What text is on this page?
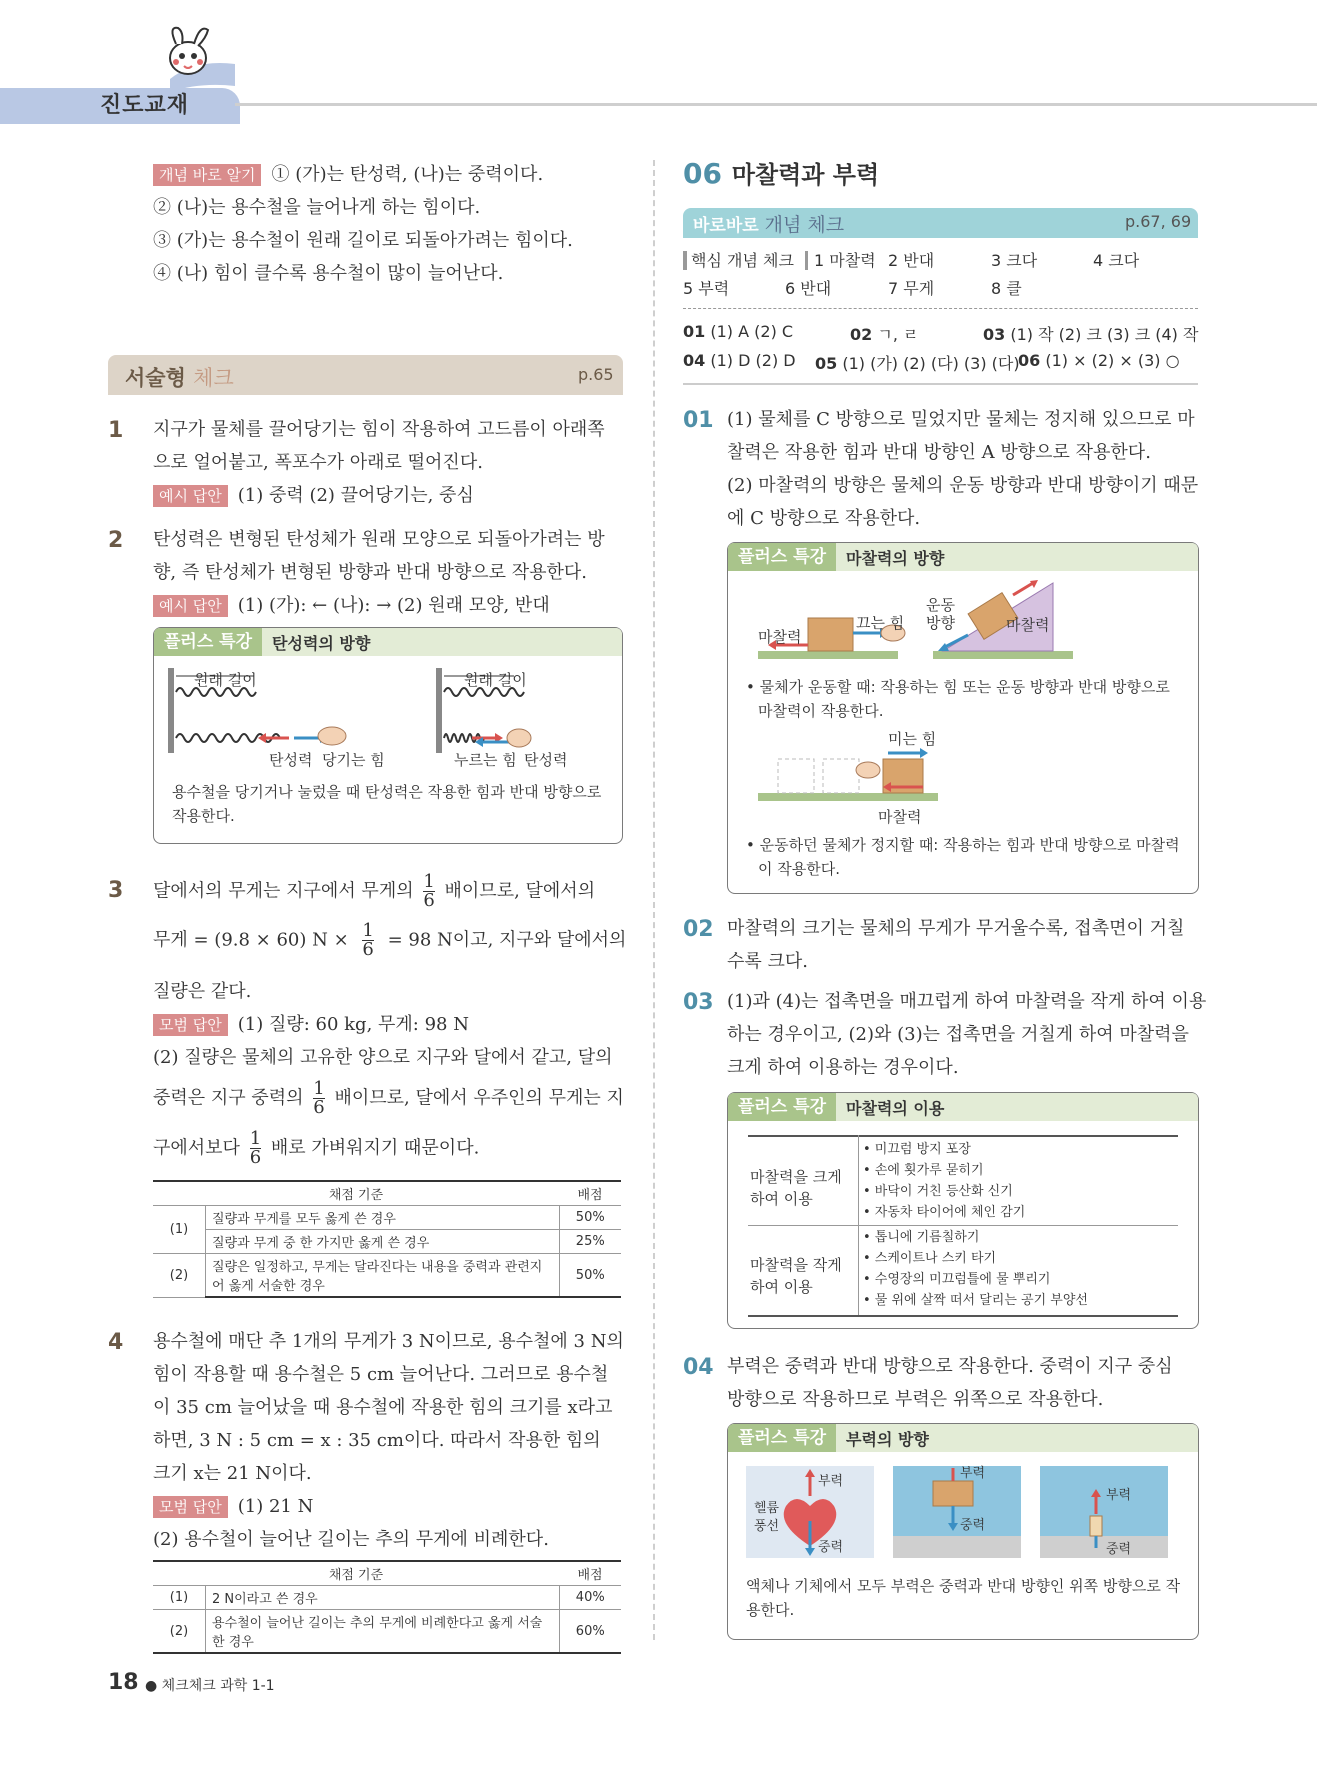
진도교재
개념 바로 알기 ① (가)는 탄성력, (나)는 중력이다.
② (나)는 용수철을 늘어나게 하는 힘이다.
③ (가)는 용수철이 원래 길이로 되돌아가려는 힘이다.
④ (나) 힘이 클수록 용수철이 많이 늘어난다.
서술형 체크	p.65
1 지구가 물체를 끌어당기는 힘이 작용하여 고드름이 아래쪽
으로 얼어붙고, 폭포수가 아래로 떨어진다.
예시 답안 (1) 중력 (2) 끌어당기는, 중심
2 탄성력은 변형된 탄성체가 원래 모양으로 되돌아가려는 방
향, 즉 탄성체가 변형된 방향과 반대 방향으로 작용한다.
예시 답안 (1) (가): ← (나): → (2) 원래 모양, 반대
플러스 특강	탄성력의 방향
원래 길이	원래 길이
탄성력 당기는 힘	누르는 힘 탄성력
용수철을 당기거나 눌렀을 때 탄성력은 작용한 힘과 반대 방향으로
작용한다.
3 달에서의 무게는 지구에서 무게의 $\frac{1}{6}$ 배이므로, 달에서의
무게 = (9.8 × 60) $N \times \frac{1}{6} = 98$ N이고, 지구와 달에서의
질량은 같다.
모범 답안 (1) 질량: 60 kg, 무게: 98 N
(2) 질량은 물체의 고유한 양으로 지구와 달에서 같고, 달의
중력은 지구 중력의 $\frac{1}{6}$ 배이므로, 달에서 우주인의 무게는 지
구에서보다 $\frac{1}{6}$ 배로 가벼워지기 때문이다.
채점 기준		배점
(1)	질량과 무게를 모두 옳게 쓴 경우	50%
	질량과 무게 중 한 가지만 옳게 쓴 경우	25%
(2)	질량은 일정하고, 무게는 달라진다는 내용을 중력과 관련지어 옳게 서술한 경우	50%
4 용수철에 매단 추 1개의 무게가 3 N이므로, 용수철에 3 N의
힘이 작용할 때 용수철은 5 cm 늘어난다. 그러므로 용수철
이 35 cm 늘어났을 때 용수철에 작용한 힘의 크기를 x라고
하면, 3 N : 5 cm = x : 35 cm이다. 따라서 작용한 힘의
크기 x는 21 N이다.
모범 답안 (1) 21 N
(2) 용수철이 늘어난 길이는 추의 무게에 비례한다.
채점 기준		배점
(1)	2 N이라고 쓴 경우	40%
(2)	용수철이 늘어난 길이는 추의 무게에 비례한다고 옳게 서술한 경우	60%
06 마찰력과 부력
바로바로 개념 체크	p.67, 69
핵심 개념 체크 1 마찰력 2 반대	3 크다	4 크다
5 부력	6 반대	7 무게	8 클
01 (1) A (2) C	02 ㄱ, ㄹ	03 (1) 작 (2) 크 (3) 크 (4) 작
04 (1) D (2) D 05 (1) (가) (2) (다) (3) (다)
06 (1) × (2) × (3) ○
01 (1) 물체를 C 방향으로 밀었지만 물체는 정지해 있으므로 마
찰력은 작용한 힘과 반대 방향인 A 방향으로 작용한다.
(2) 마찰력의 방향은 물체의 운동 방향과 반대 방향이기 때문
에 C 방향으로 작용한다.
플러스 특강	마찰력의 방향
마찰력
끄는 힘
운동
방향	마찰력
• 물체가 운동할 때: 작용하는 힘 또는 운동 방향과 반대 방향으로
마찰력이 작용한다.
미는 힘
마찰력
• 운동하던 물체가 정지할 때: 작용하는 힘과 반대 방향으로 마찰력
이 작용한다.
02 마찰력의 크기는 물체의 무게가 무거울수록, 접촉면이 거칠
수록 크다.
03 (1)과 (4)는 접촉면을 매끄럽게 하여 마찰력을 작게 하여 이용
하는 경우이고, (2)와 (3)는 접촉면을 거칠게 하여 마찰력을
크게 하여 이용하는 경우이다.
플러스 특강	마찰력의 이용
마찰력을 크게
하여 이용
• 미끄럼 방지 포장
• 손에 횟가루 묻히기
• 바닥이 거친 등산화 신기
• 자동차 타이어에 체인 감기
마찰력을 작게
하여 이용
• 톱니에 기름칠하기
• 스케이트나 스키 타기
• 수영장의 미끄럼틀에 물 뿌리기
• 물 위에 살짝 떠서 달리는 공기 부양선
04 부력은 중력과 반대 방향으로 작용한다. 중력이 지구 중심
방향으로 작용하므로 부력은 위쪽으로 작용한다.
플러스 특강	부력의 방향
헬륨
풍선
부력
중력
부력
중력
부력
중력
액체나 기체에서 모두 부력은 중력과 반대 방향인 위쪽 방향으로 작
용한다.
18 ● 체크체크 과학 1-1
